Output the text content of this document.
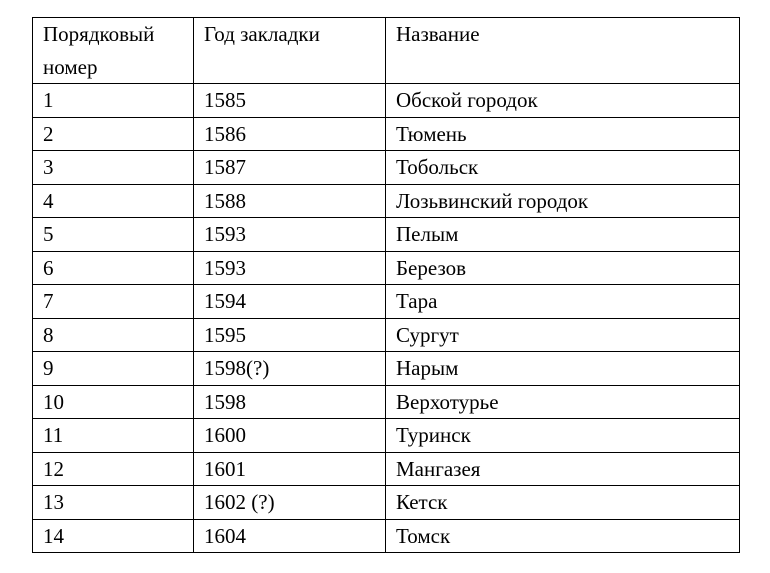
Порядковый номер	Год закладки	Название
1	1585	Обской городок
2	1586	Тюмень
3	1587	Тобольск
4	1588	Лозьвинский городок
5	1593	Пелым
6	1593	Березов
7	1594	Тара
8	1595	Сургут
9	1598(?)	Нарым
10	1598	Верхотурье
11	1600	Туринск
12	1601	Мангазея
13	1602 (?)	Кетск
14	1604	Томск
